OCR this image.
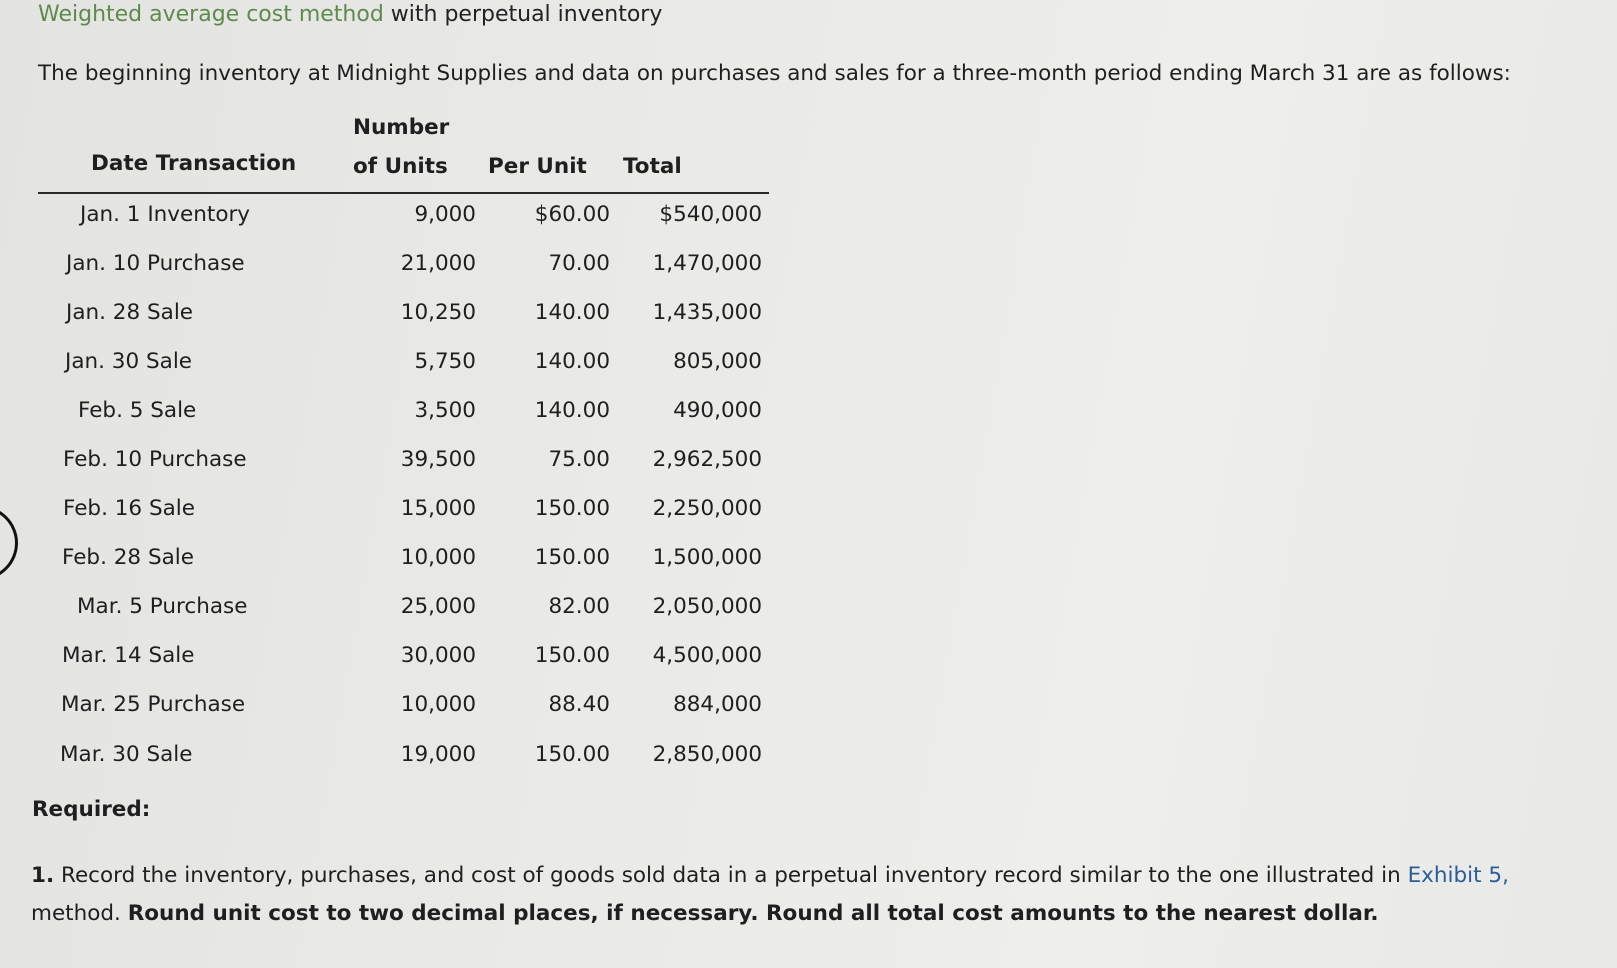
Weighted average cost method with perpetual inventory
The beginning inventory at Midnight Supplies and data on purchases and sales for a three-month period ending March 31 are as follows:
Date Transaction
Number
of Units Per Unit Total
Jan. 1 Inventory	9,000	$60.00 $540,000
Jan. 10 Purchase	21,000	70.00 1,470,000
Jan. 28 Sale	10,250	140.00 1,435,000
Jan. 30 Sale	5,750	140.00	805,000
Feb. 5 Sale	3,500	140.00	490,000
Feb. 10 Purchase	39,500	75.00 2,962,500
Feb. 16 Sale	15,000	150.00 2,250,000
Feb. 28 Sale	10,000	150.00 1,500,000
Mar. 5 Purchase	25,000	82.00 2,050,000
Mar. 14 Sale	30,000	150.00 4,500,000
Mar. 25 Purchase	10,000	88.40	884,000
Mar. 30 Sale	19,000	150.00 2,850,000
Required:
1. Record the inventory, purchases, and cost of goods sold data in a perpetual inventory record similar to the one illustrated in Exhibit 5,
method. Round unit cost to two decimal places, if necessary. Round all total cost amounts to the nearest dollar.
